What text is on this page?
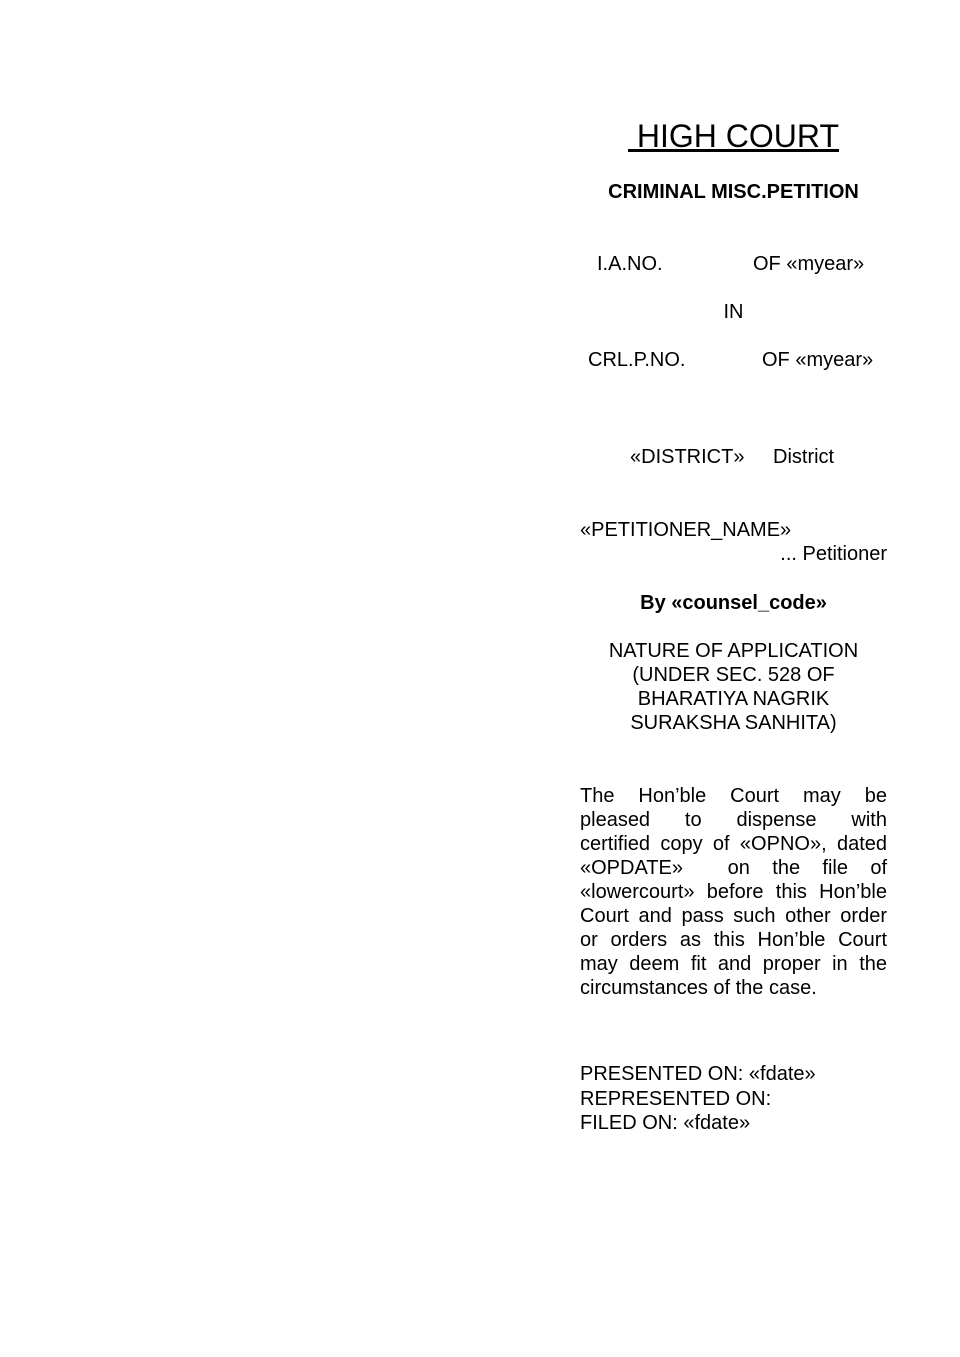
HIGH COURT
CRIMINAL MISC.PETITION
I.A.NO.	OF «myear»
IN
CRL.P.NO.	OF «myear»
«DISTRICT» District
«PETITIONER_NAME»
... Petitioner
By «counsel_code»
NATURE OF APPLICATION
(UNDER SEC. 528 OF
BHARATIYA NAGRIK
SURAKSHA SANHITA)
The Hon’ble Court may be
pleased to dispense with
certified copy of «OPNO», dated
«OPDATE»  on the file of
«lowercourt» before this Hon’ble
Court and pass such other order
or orders as this Hon’ble Court
may deem fit and proper in the
circumstances of the case.
PRESENTED ON: «fdate»
REPRESENTED ON:
FILED ON: «fdate»
